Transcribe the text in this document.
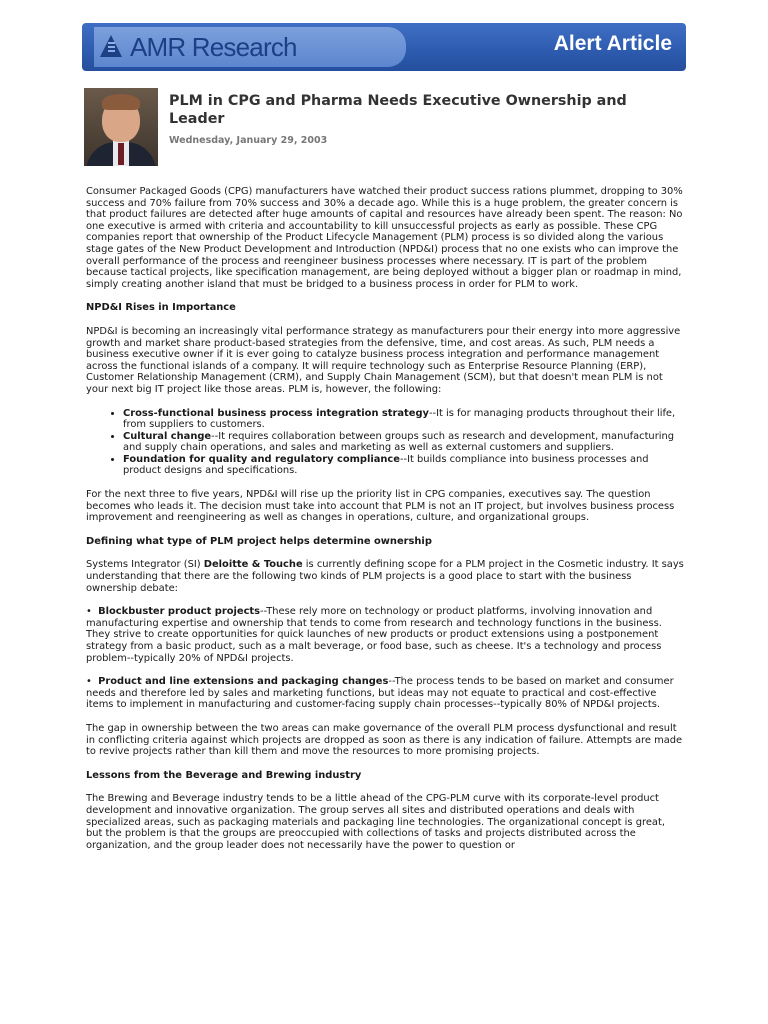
AMR Research	Alert Article
PLM in CPG and Pharma Needs Executive Ownership and Leader
Wednesday, January 29, 2003

Consumer Packaged Goods (CPG) manufacturers have watched their product success rations plummet, dropping to 30% success and 70% failure from 70% success and 30% a decade ago. While this is a huge problem, the greater concern is that product failures are detected after huge amounts of capital and resources have already been spent. The reason: No one executive is armed with criteria and accountability to kill unsuccessful projects as early as possible. These CPG companies report that ownership of the Product Lifecycle Management (PLM) process is so divided along the various stage gates of the New Product Development and Introduction (NPD&I) process that no one exists who can improve the overall performance of the process and reengineer business processes where necessary. IT is part of the problem because tactical projects, like specification management, are being deployed without a bigger plan or roadmap in mind, simply creating another island that must be bridged to a business process in order for PLM to work.

NPD&I Rises in Importance

NPD&I is becoming an increasingly vital performance strategy as manufacturers pour their energy into more aggressive growth and market share product-based strategies from the defensive, time, and cost areas. As such, PLM needs a business executive owner if it is ever going to catalyze business process integration and performance management across the functional islands of a company. It will require technology such as Enterprise Resource Planning (ERP), Customer Relationship Management (CRM), and Supply Chain Management (SCM), but that doesn't mean PLM is not your next big IT project like those areas. PLM is, however, the following:

• Cross-functional business process integration strategy--It is for managing products throughout their life, from suppliers to customers.
• Cultural change--It requires collaboration between groups such as research and development, manufacturing and supply chain operations, and sales and marketing as well as external customers and suppliers.
• Foundation for quality and regulatory compliance--It builds compliance into business processes and product designs and specifications.

For the next three to five years, NPD&I will rise up the priority list in CPG companies, executives say. The question becomes who leads it. The decision must take into account that PLM is not an IT project, but involves business process improvement and reengineering as well as changes in operations, culture, and organizational groups.

Defining what type of PLM project helps determine ownership

Systems Integrator (SI) Deloitte & Touche is currently defining scope for a PLM project in the Cosmetic industry. It says understanding that there are the following two kinds of PLM projects is a good place to start with the business ownership debate:

•  Blockbuster product projects--These rely more on technology or product platforms, involving innovation and manufacturing expertise and ownership that tends to come from research and technology functions in the business. They strive to create opportunities for quick launches of new products or product extensions using a postponement strategy from a basic product, such as a malt beverage, or food base, such as cheese. It's a technology and process problem--typically 20% of NPD&I projects.

•  Product and line extensions and packaging changes--The process tends to be based on market and consumer needs and therefore led by sales and marketing functions, but ideas may not equate to practical and cost-effective items to implement in manufacturing and customer-facing supply chain processes--typically 80% of NPD&I projects.

The gap in ownership between the two areas can make governance of the overall PLM process dysfunctional and result in conflicting criteria against which projects are dropped as soon as there is any indication of failure. Attempts are made to revive projects rather than kill them and move the resources to more promising projects.

Lessons from the Beverage and Brewing industry

The Brewing and Beverage industry tends to be a little ahead of the CPG-PLM curve with its corporate-level product development and innovative organization. The group serves all sites and distributed operations and deals with specialized areas, such as packaging materials and packaging line technologies. The organizational concept is great, but the problem is that the groups are preoccupied with collections of tasks and projects distributed across the organization, and the group leader does not necessarily have the power to question or
